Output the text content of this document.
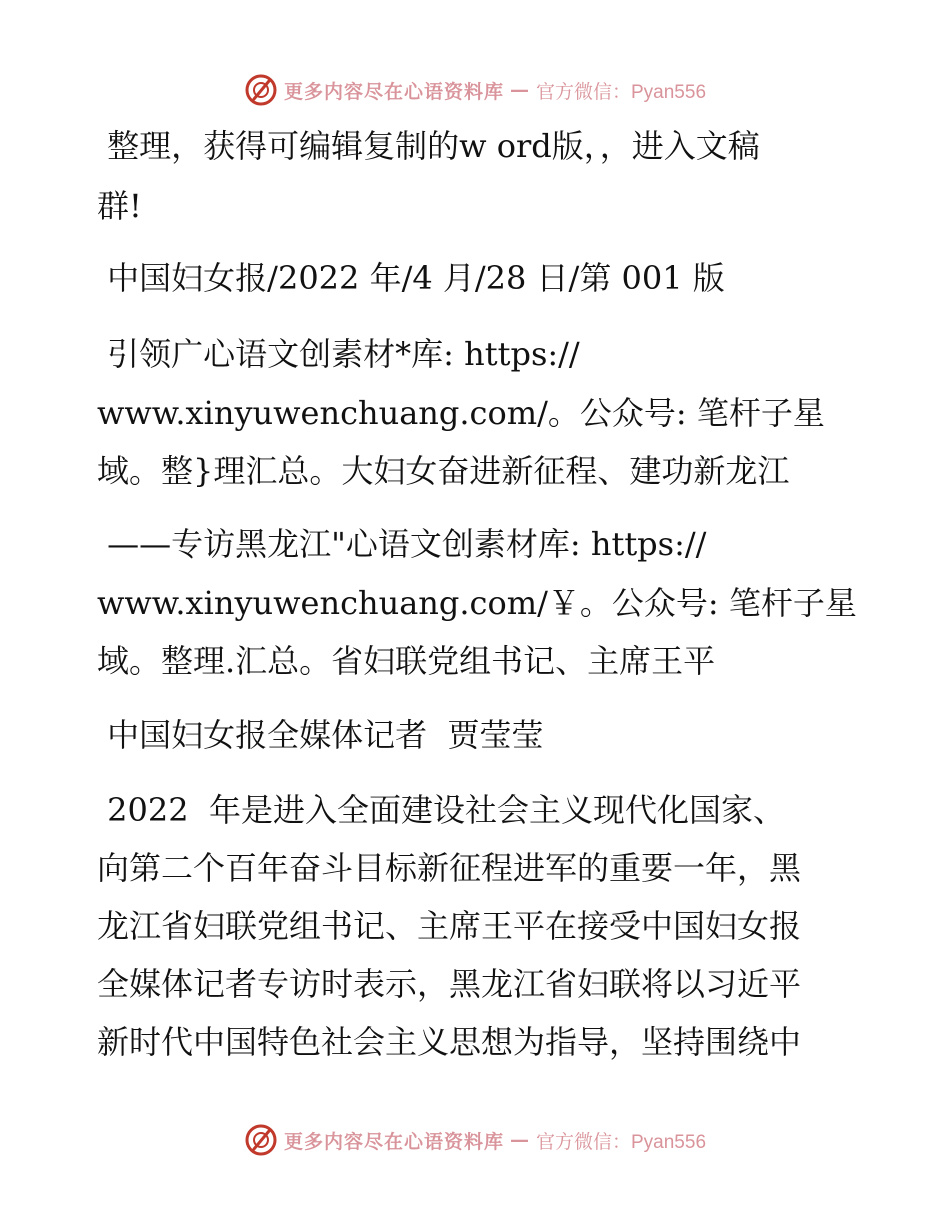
更多内容尽在心语资料库 — 官方微信：Pyan556
整理，获得可编辑复制的w ord版，，进入文稿
群!
中国妇女报/2022 年/4 月/28 日/第 001 版
引领广心语文创素材*库: https://
www.xinyuwenchuang.com/。公众号: 笔杆子星
域。整}理汇总。大妇女奋进新征程、建功新龙江
——专访黑龙江"心语文创素材库: https://
www.xinyuwenchuang.com/￥。公众号: 笔杆子星
域。整理.汇总。省妇联党组书记、主席王平
中国妇女报全媒体记者  贾莹莹
2022  年是进入全面建设社会主义现代化国家、
向第二个百年奋斗目标新征程进军的重要一年，黑
龙江省妇联党组书记、主席王平在接受中国妇女报
全媒体记者专访时表示，黑龙江省妇联将以习近平
新时代中国特色社会主义思想为指导，坚持围绕中
更多内容尽在心语资料库 — 官方微信：Pyan556
